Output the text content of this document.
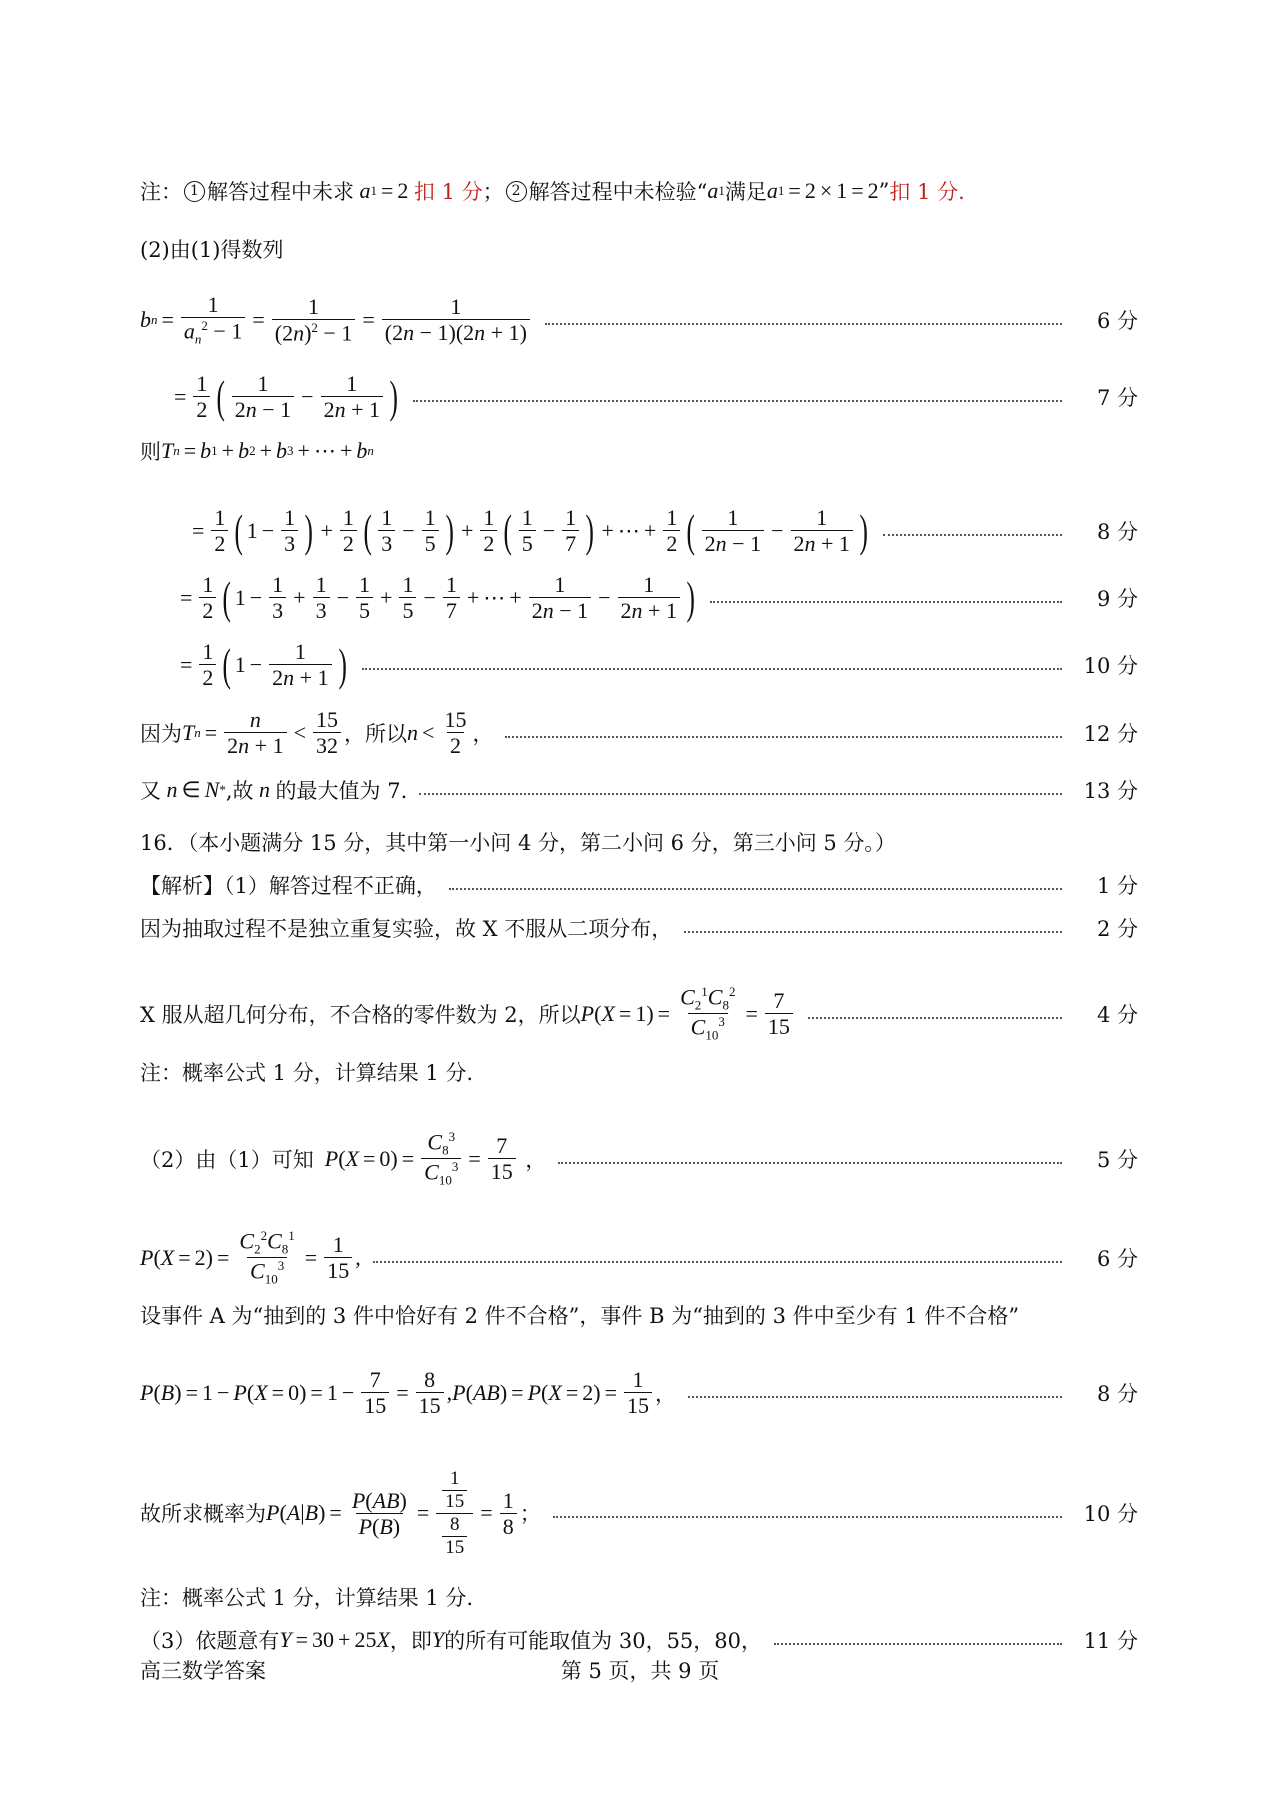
注： 1 解答过程中未求
a 1 = 2 扣 1 分 ； 2 解答过程中未检验“ a 1 满足 a 1 = 2 × 1 = 2 ” 扣 1 分.
(2)由(1)得数列
b $n = \frac{1}{a_n^2 - 1} = \frac{1}{(2n)^2 - 1} = \frac{1}{(2n - 1)(2n + 1)}$	6 分
= $\frac{1}{2}$ ( 1
2n − 1
− $\frac{1}{2n + 1}$ )	7 分
则 T n = b 1 + b 2 + b 3 + ⋯ + b n
= $\frac{1}{2}$ ( $1 - \frac{1}{3}$ ) + $\frac{1}{2}$ ( 1
3
− $\frac{1}{5}$ ) + $\frac{1}{2}$ ( 1
5
− $\frac{1}{7}$ ) + ⋯ + $\frac{1}{2}$ ( 1
2n − 1
− $\frac{1}{2n + 1}$ )	8 分
= $\frac{1}{2}$ ( $1 - \frac{1}{3} + \frac{1}{3} - \frac{1}{5} + \frac{1}{5} - \frac{1}{7}$ + ⋯ + $\frac{1}{2n - 1} - \frac{1}{2n + 1}$ )	9 分
= $\frac{1}{2}$ ( $1 - \frac{1}{2n + 1}$ )	10 分
因为 T $n = \frac{n}{2n + 1}$ <
15
32 ，所以 n <
15
2 ，	12 分
又
n ∈ N * ,故 n 的最大值为 7.	13 分
16．（本小题满分 15 分，其中第一小问 4 分，第二小问 6 分，第三小问 5 分。）
【解析】（1）解答过程不正确，	1 分
因为抽取过程不是独立重复实验，故 X 不服从二项分布，	2 分
X 服从超几何分布，不合格的零件数为 2，所以 P ( $X = 1) = \frac{C_2^1C_8^2}{C_{10}^3} = \frac{7}{15}$	4 分
注：概率公式 1 分，计算结果 1 分.
（2）由（1）可知
P ( $X = 0) = \frac{C_8^3}{C_{10}^3} = \frac{7}{15}$ ，	5 分
P ( $X = 2) = \frac{C_2^2C_8^1}{C_{10}^3} = \frac{1}{15}$ ,	6 分
设事件 A 为“抽到的 3 件中恰好有 2 件不合格”，事件 B 为“抽到的 3 件中至少有 1 件不合格”
P ( B ) = 1 − P ( $X = 0) = 1 - \frac{7}{15} = \frac{8}{15}$ , P ( AB ) = P ( $X = 2) = \frac{1}{15}$ ，	8 分
故所求概率为 P ( A | B ) = $\frac{P(AB)}{P(B)} = \frac{\frac{1}{15}}{\frac{8}{15}} = \frac{1}{8}$ ；	10 分
注：概率公式 1 分，计算结果 1 分.
（3）依题意有 Y = 30 + 25 X ，即 Y 的所有可能取值为 30，55，80，	11 分
高三数学答案	第 5 页，共 9 页
